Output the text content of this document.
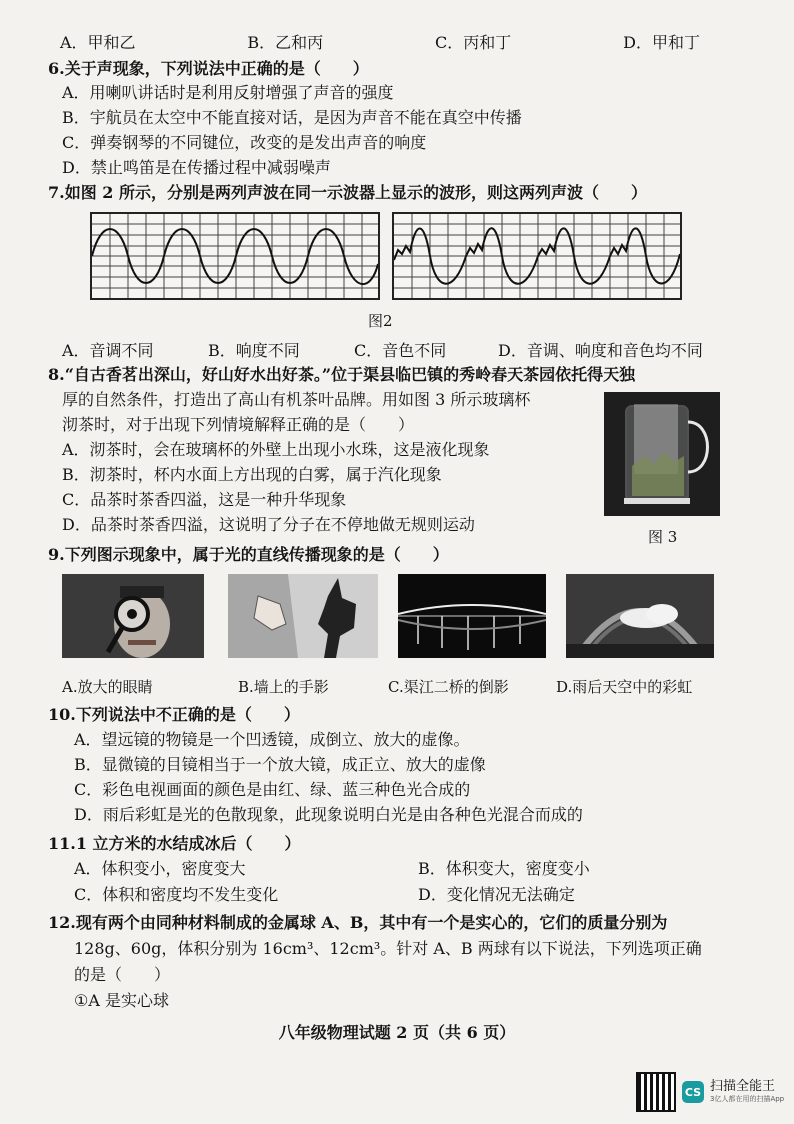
A．甲和乙	B．乙和丙	C．丙和丁	D．甲和丁
6.关于声现象，下列说法中正确的是（　　）
A．用喇叭讲话时是利用反射增强了声音的强度
B．宇航员在太空中不能直接对话，是因为声音不能在真空中传播
C．弹奏钢琴的不同键位，改变的是发出声音的响度
D．禁止鸣笛是在传播过程中减弱噪声
7.如图 2 所示，分别是两列声波在同一示波器上显示的波形，则这两列声波（　　）
图2
A．音调不同	B．响度不同	C．音色不同	D．音调、响度和音色均不同
8.“自古香茗出深山，好山好水出好茶。”位于渠县临巴镇的秀岭春天茶园依托得天独
厚的自然条件，打造出了高山有机茶叶品牌。用如图 3 所示玻璃杯
沏茶时，对于出现下列情境解释正确的是（　　）
A．沏茶时，会在玻璃杯的外壁上出现小水珠，这是液化现象
B．沏茶时，杯内水面上方出现的白雾，属于汽化现象
C．品茶时茶香四溢，这是一种升华现象
D．品茶时茶香四溢，这说明了分子在不停地做无规则运动
图 3
9.下列图示现象中，属于光的直线传播现象的是（　　）
A.放大的眼睛	B.墙上的手影	C.渠江二桥的倒影	D.雨后天空中的彩虹
10.下列说法中不正确的是（　　）
A．望远镜的物镜是一个凹透镜，成倒立、放大的虚像。
B．显微镜的目镜相当于一个放大镜，成正立、放大的虚像
C．彩色电视画面的颜色是由红、绿、蓝三种色光合成的
D．雨后彩虹是光的色散现象，此现象说明白光是由各种色光混合而成的
11.1 立方米的水结成冰后（　　）
A．体积变小，密度变大	B．体积变大，密度变小
C．体积和密度均不发生变化	D．变化情况无法确定
12.现有两个由同种材料制成的金属球 A、B，其中有一个是实心的，它们的质量分别为
128g、60g，体积分别为 16cm³、12cm³。针对 A、B 两球有以下说法，下列选项正确
的是（　　）
①A 是实心球
八年级物理试题 2 页（共 6 页）
CS 扫描全能王
3亿人都在用的扫描App
